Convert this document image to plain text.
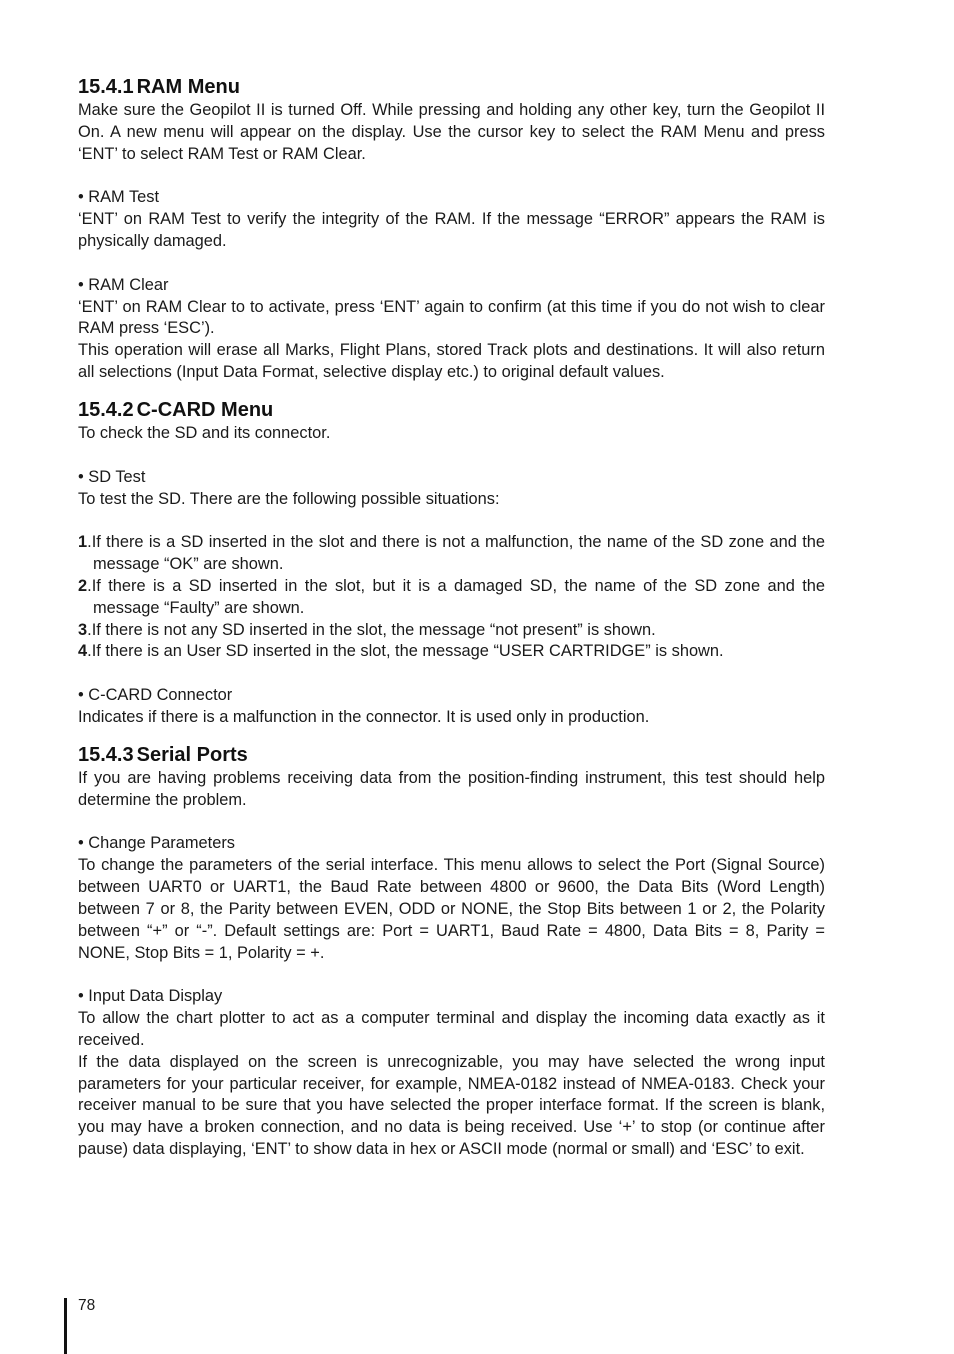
15.4.1 RAM Menu

Make sure the Geopilot II is turned Off. While pressing and holding any other key, turn the Geopilot II On. A new menu will appear on the display. Use the cursor key to select the RAM Menu and press ‘ENT’ to select RAM Test or RAM Clear.

• RAM Test

‘ENT’ on RAM Test to verify the integrity of the RAM. If the message “ERROR” appears the RAM is physically damaged.

• RAM Clear

‘ENT’ on RAM Clear to to activate, press ‘ENT’ again to confirm (at this time if you do not wish to clear RAM press ‘ESC’).

This operation will erase all Marks, Flight Plans, stored Track plots and destinations. It will also return all selections (Input Data Format, selective display etc.) to original default values.

15.4.2 C-CARD Menu

To check the SD and its connector.

• SD Test

To test the SD. There are the following possible situations:

1.If there is a SD inserted in the slot and there is not a malfunction, the name of the SD zone and the message “OK” are shown.
2.If there is a SD inserted in the slot, but it is a damaged SD, the name of the SD zone and the message “Faulty” are shown.
3.If there is not any SD inserted in the slot, the message “not present” is shown.
4.If there is an User SD inserted in the slot, the message “USER CARTRIDGE” is shown.

• C-CARD Connector

Indicates if there is a malfunction in the connector. It is used only in production.

15.4.3 Serial Ports

If you are having problems receiving data from the position-finding instrument, this test should help determine the problem.

• Change Parameters

To change the parameters of the serial interface. This menu allows to select the Port (Signal Source) between UART0 or UART1, the Baud Rate between 4800 or 9600, the Data Bits (Word Length) between 7 or 8, the Parity between EVEN, ODD or NONE, the Stop Bits between 1 or 2, the Polarity between “+” or “-”. Default settings are: Port = UART1, Baud Rate = 4800, Data Bits = 8, Parity = NONE, Stop Bits = 1, Polarity = +.

• Input Data Display

To allow the chart plotter to act as a computer terminal and display the incoming data exactly as it received.

If the data displayed on the screen is unrecognizable, you may have selected the wrong input parameters for your particular receiver, for example, NMEA-0182 instead of NMEA-0183. Check your receiver manual to be sure that you have selected the proper interface format. If the screen is blank, you may have a broken connection, and no data is being received. Use ‘+’ to stop (or continue after pause) data displaying, ‘ENT’ to show data in hex or ASCII mode (normal or small) and ‘ESC’ to exit.

78
